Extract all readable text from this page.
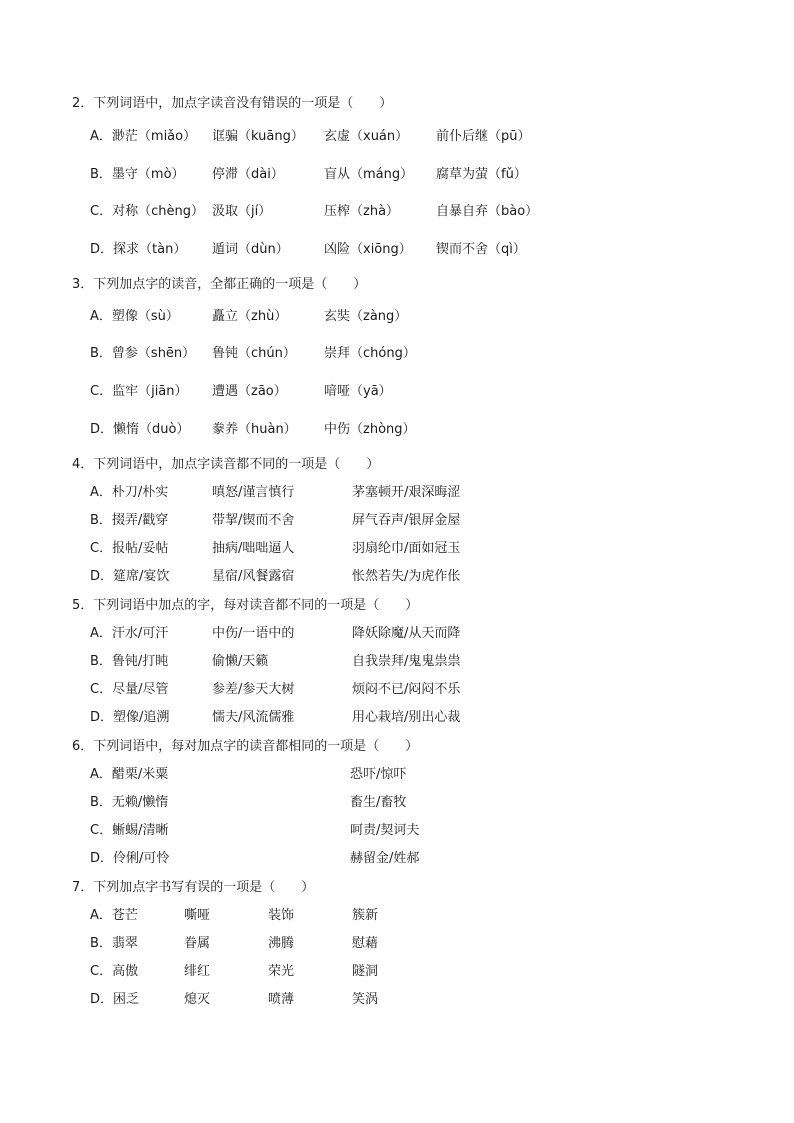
2．下列词语中，加点字读音没有错误的一项是（　　）
A．渺茫（miǎo） 诓骗（kuāng） 玄虚（xuán） 前仆后继（pū）
B．墨守（mò） 停滞（dài）	盲从（máng） 腐草为萤（fǔ）
C．对称（chèng） 汲取（jí）	压榨（zhà）	自暴自弃（bào）
D．探求（tàn） 遁词（dùn）	凶险（xiōng） 锲而不舍（qì）
3．下列加点字的读音，全都正确的一项是（　　）
A．塑像（sù）	矗立（zhù）	玄奘（zàng）
B．曾参（shēn） 鲁钝（chún） 崇拜（chóng）
C．监牢（jiān） 遭遇（zāo）	喑哑（yā）
D．懒惰（duò） 豢养（huàn） 中伤（zhòng）
4．下列词语中，加点字读音都不同的一项是（　　）
A．朴刀/朴实	嗔怒/谨言慎行	茅塞顿开/艰深晦涩
B．掇弄/戳穿	带挈/锲而不舍	屏气吞声/银屏金屋
C．报帖/妥帖	抽病/咄咄逼人	羽扇纶巾/面如冠玉
D．筵席/宴饮	星宿/风餐露宿	怅然若失/为虎作伥
5．下列词语中加点的字，每对读音都不同的一项是（　　）
A．汗水/可汗	中伤/一语中的	降妖除魔/从天而降
B．鲁钝/打盹	偷懒/天籁	自我崇拜/鬼鬼祟祟
C．尽量/尽管	参差/参天大树	烦闷不已/闷闷不乐
D．塑像/追溯	懦夫/风流儒雅	用心栽培/别出心裁
6．下列词语中，每对加点字的读音都相同的一项是（　　）
A．醋栗/米粟	恐吓/惊吓
B．无赖/懒惰	畜生/畜牧
C．蜥蜴/清晰	呵责/契诃夫
D．伶俐/可怜	赫留金/姓郝
7．下列加点字书写有误的一项是（　　）
A．苍芒	嘶哑	装饰	簇新
B．翡翠	眷属	沸腾	慰藉
C．高傲	绯红	荣光	隧洞
D．困乏	熄灭	喷薄	笑涡
